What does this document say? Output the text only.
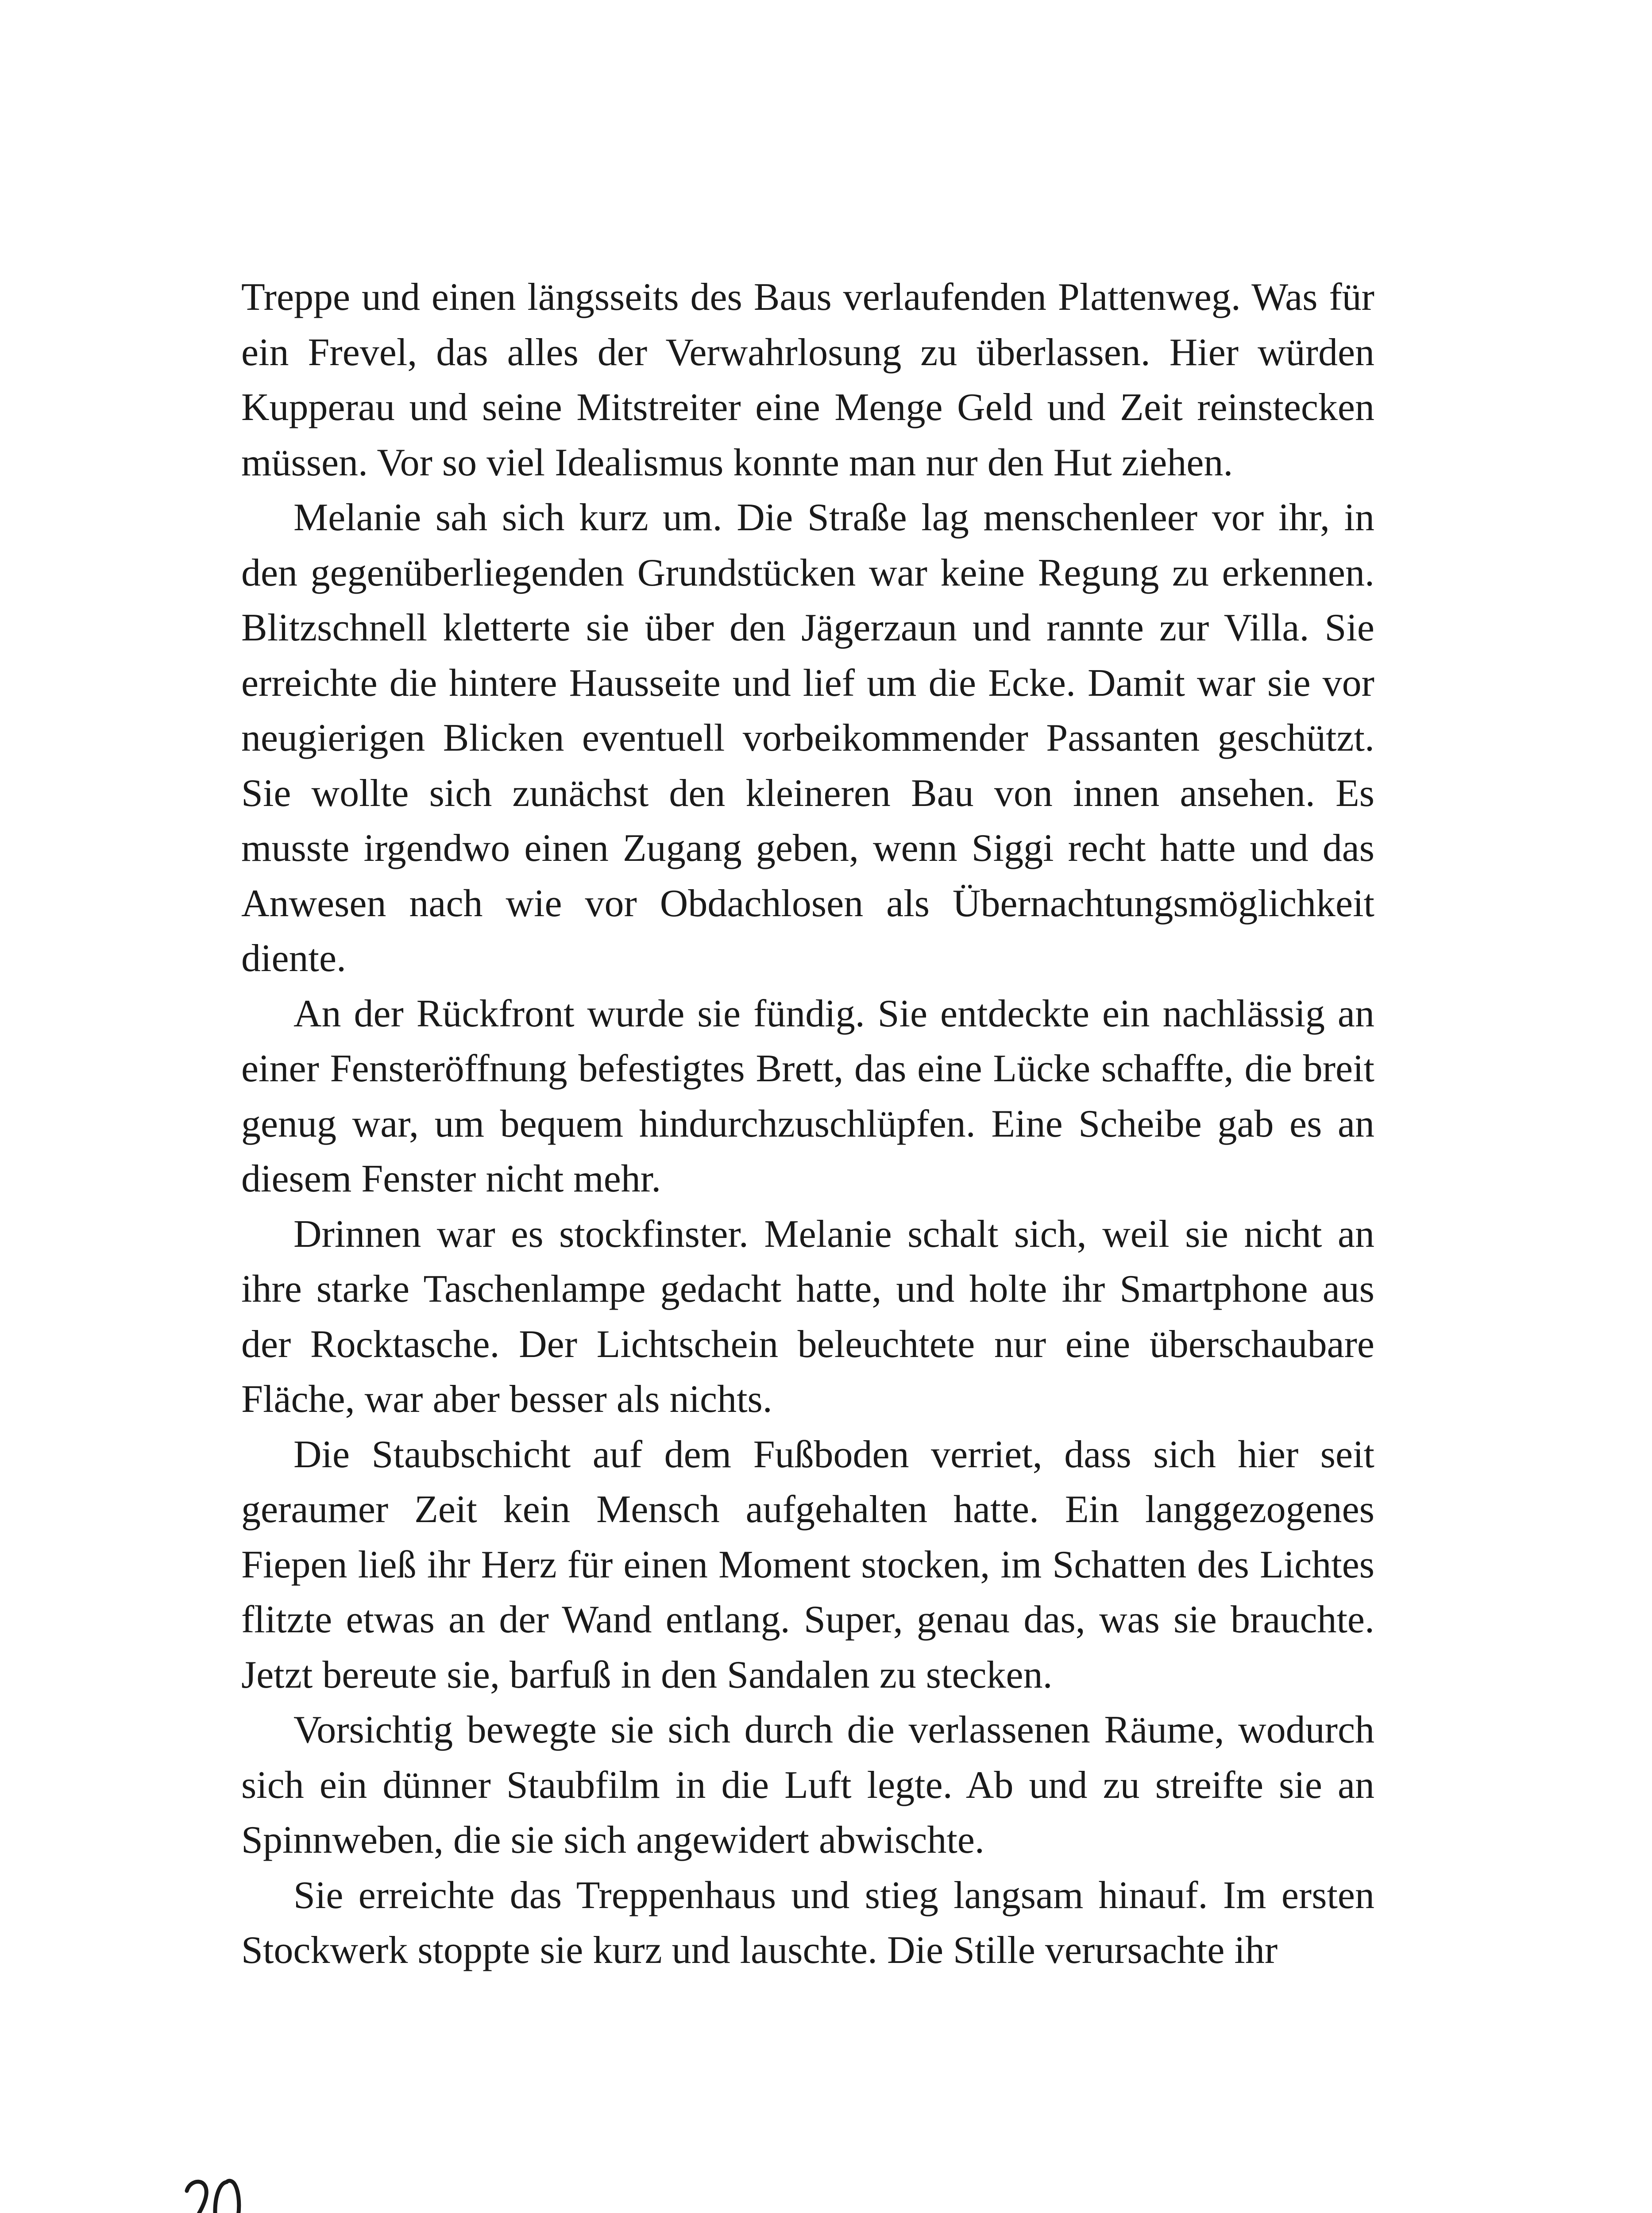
Treppe und einen längsseits des Baus verlaufenden Plattenweg. Was für ein Frevel, das alles der Verwahrlosung zu überlassen. Hier würden Kupperau und seine Mitstreiter eine Menge Geld und Zeit reinstecken müssen. Vor so viel Idealismus konnte man nur den Hut ziehen.

Melanie sah sich kurz um. Die Straße lag menschenleer vor ihr, in den gegenüberliegenden Grundstücken war keine Regung zu erkennen. Blitzschnell kletterte sie über den Jägerzaun und rannte zur Villa. Sie erreichte die hintere Hausseite und lief um die Ecke. Damit war sie vor neugierigen Blicken eventuell vorbeikommender Passanten geschützt. Sie wollte sich zunächst den kleineren Bau von innen ansehen. Es musste irgendwo einen Zugang geben, wenn Siggi recht hatte und das Anwesen nach wie vor Obdachlosen als Übernachtungsmöglichkeit diente.

An der Rückfront wurde sie fündig. Sie entdeckte ein nachlässig an einer Fensteröffnung befestigtes Brett, das eine Lücke schaffte, die breit genug war, um bequem hindurchzuschlüpfen. Eine Scheibe gab es an diesem Fenster nicht mehr.

Drinnen war es stockfinster. Melanie schalt sich, weil sie nicht an ihre starke Taschenlampe gedacht hatte, und holte ihr Smartphone aus der Rocktasche. Der Lichtschein beleuchtete nur eine überschaubare Fläche, war aber besser als nichts.

Die Staubschicht auf dem Fußboden verriet, dass sich hier seit geraumer Zeit kein Mensch aufgehalten hatte. Ein langgezogenes Fiepen ließ ihr Herz für einen Moment stocken, im Schatten des Lichtes flitzte etwas an der Wand entlang. Super, genau das, was sie brauchte. Jetzt bereute sie, barfuß in den Sandalen zu stecken.

Vorsichtig bewegte sie sich durch die verlassenen Räume, wodurch sich ein dünner Staubfilm in die Luft legte. Ab und zu streifte sie an Spinnweben, die sie sich angewidert abwischte.

Sie erreichte das Treppenhaus und stieg langsam hinauf. Im ersten Stockwerk stoppte sie kurz und lauschte. Die Stille verursachte ihr
